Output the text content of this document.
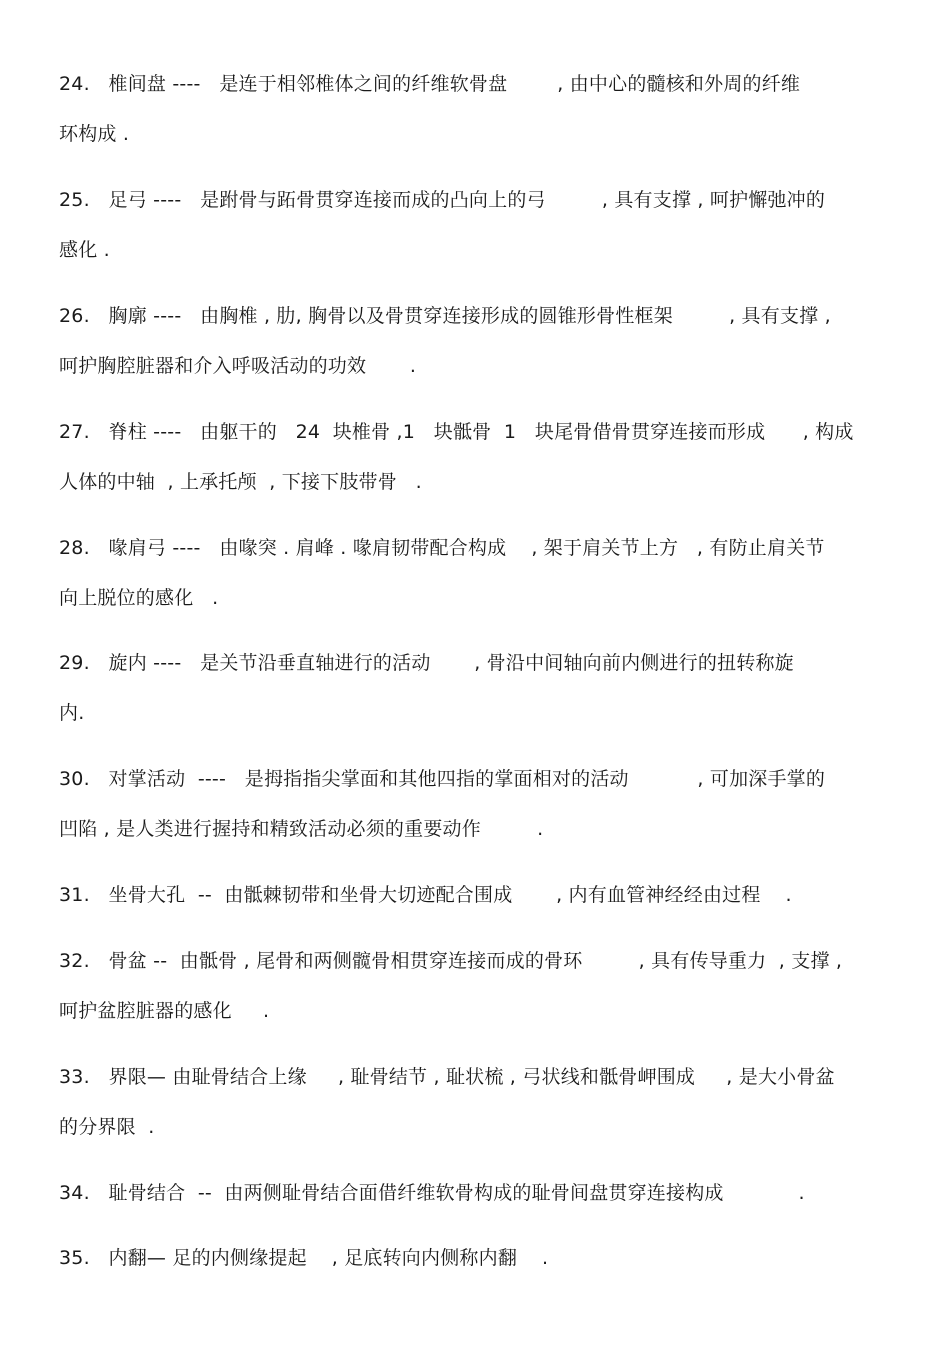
24.   椎间盘 ----   是连于相邻椎体之间的纤维软骨盘        , 由中心的髓核和外周的纤维
环构成 .
25.   足弓 ----   是跗骨与跖骨贯穿连接而成的凸向上的弓         , 具有支撑 , 呵护懈弛冲的
感化 .
26.   胸廓 ----   由胸椎 , 肋, 胸骨以及骨贯穿连接形成的圆锥形骨性框架         , 具有支撑 ,
呵护胸腔脏器和介入呼吸活动的功效       .
27.   脊柱 ----   由躯干的   24  块椎骨 ,1   块骶骨  1   块尾骨借骨贯穿连接而形成      , 构成
人体的中轴  , 上承托颅  , 下接下肢带骨   .
28.   喙肩弓 ----   由喙突 . 肩峰 . 喙肩韧带配合构成    , 架于肩关节上方   , 有防止肩关节
向上脱位的感化   .
29.   旋内 ----   是关节沿垂直轴进行的活动       , 骨沿中间轴向前内侧进行的扭转称旋
内.
30.   对掌活动  ----   是拇指指尖掌面和其他四指的掌面相对的活动           , 可加深手掌的
凹陷 , 是人类进行握持和精致活动必须的重要动作         .
31.   坐骨大孔  --  由骶棘韧带和坐骨大切迹配合围成       , 内有血管神经经由过程    .
32.   骨盆 --  由骶骨 , 尾骨和两侧髋骨相贯穿连接而成的骨环         , 具有传导重力  , 支撑 ,
呵护盆腔脏器的感化     .
33.   界限— 由耻骨结合上缘     , 耻骨结节 , 耻状梳 , 弓状线和骶骨岬围成     , 是大小骨盆
的分界限  .
34.   耻骨结合  --  由两侧耻骨结合面借纤维软骨构成的耻骨间盘贯穿连接构成            .
35.   内翻— 足的内侧缘提起    , 足底转向内侧称内翻    .
